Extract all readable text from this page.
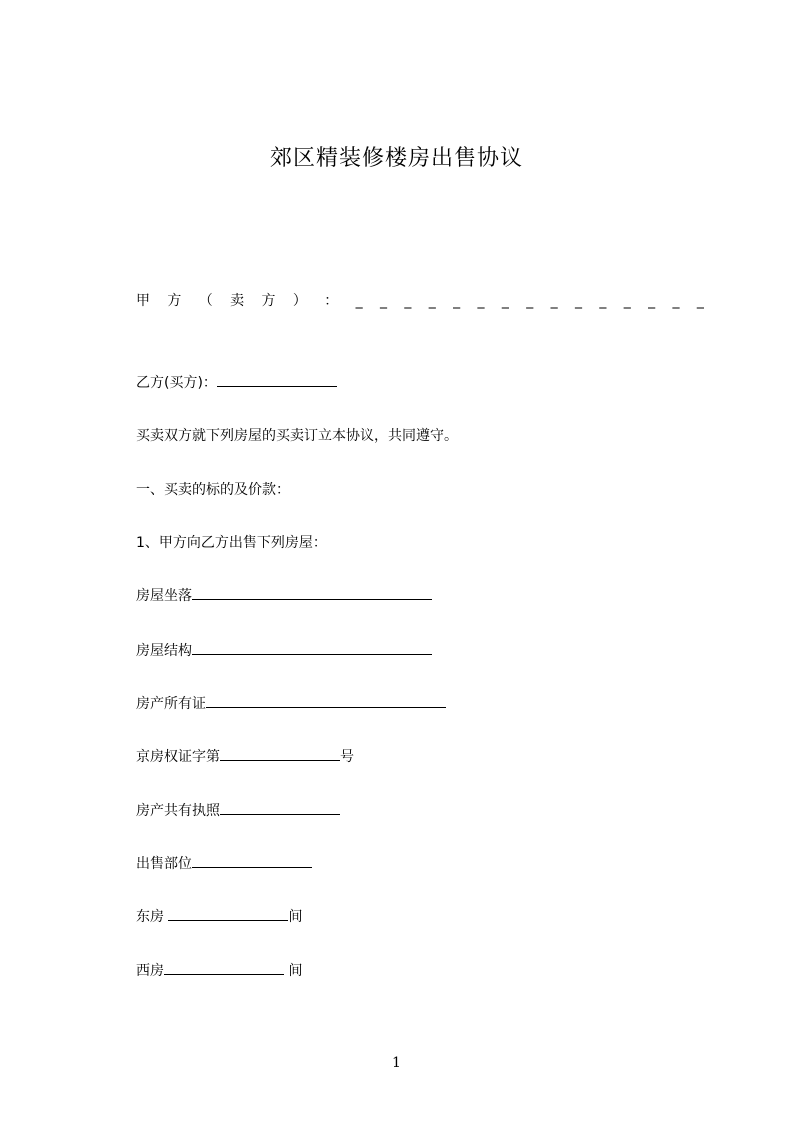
郊区精装修楼房出售协议
甲 方 （ 卖 方 ） ： _ _ _ _ _ _ _ _ _ _ _ _ _ _ _
乙方(买方)：
买卖双方就下列房屋的买卖订立本协议，共同遵守。
一、买卖的标的及价款：
1、甲方向乙方出售下列房屋：
房屋坐落
房屋结构
房产所有证
京房权证字第	号
房产共有执照
出售部位
东房	间
西房	间
1
